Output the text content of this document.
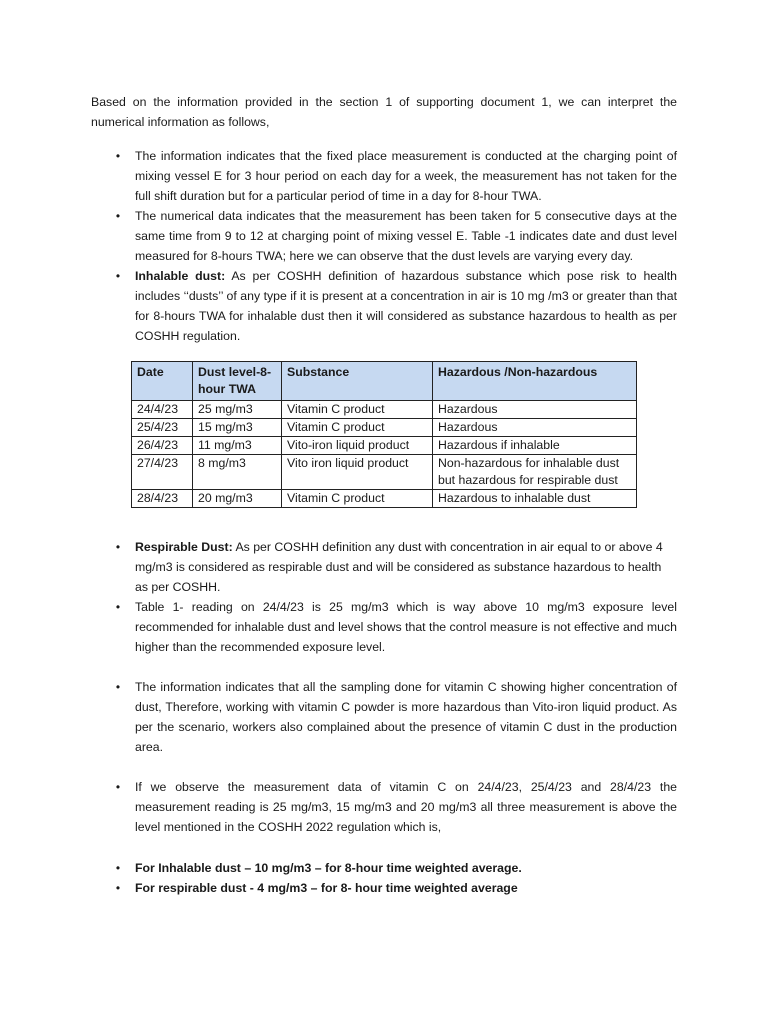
Based on the information provided in the section 1 of supporting document 1, we can interpret the numerical information as follows,

• The information indicates that the fixed place measurement is conducted at the charging point of mixing vessel E for 3 hour period on each day for a week, the measurement has not taken for the full shift duration but for a particular period of time in a day for 8-hour TWA.
• The numerical data indicates that the measurement has been taken for 5 consecutive days at the same time from 9 to 12 at charging point of mixing vessel E. Table -1 indicates date and dust level measured for 8-hours TWA; here we can observe that the dust levels are varying every day.
• Inhalable dust: As per COSHH definition of hazardous substance which pose risk to health includes ‘‘dusts’’ of any type if it is present at a concentration in air is 10 mg /m3 or greater than that for 8-hours TWA for inhalable dust then it will considered as substance hazardous to health as per COSHH regulation.
Date	Dust level-8-hour TWA	Substance	Hazardous /Non-hazardous
24/4/23	25 mg/m3	Vitamin C product	Hazardous
25/4/23	15 mg/m3	Vitamin C product	Hazardous
26/4/23	11 mg/m3	Vito-iron liquid product	Hazardous if inhalable
27/4/23	8 mg/m3	Vito iron liquid product	Non-hazardous for inhalable dust but hazardous for respirable dust
28/4/23	20 mg/m3	Vitamin C product	Hazardous to inhalable dust
• Respirable Dust: As per COSHH definition any dust with concentration in air equal to or above 4 mg/m3 is considered as respirable dust and will be considered as substance hazardous to health as per COSHH.
• Table 1- reading on 24/4/23 is 25 mg/m3 which is way above 10 mg/m3 exposure level recommended for inhalable dust and level shows that the control measure is not effective and much higher than the recommended exposure level.
• The information indicates that all the sampling done for vitamin C showing higher concentration of dust, Therefore, working with vitamin C powder is more hazardous than Vito-iron liquid product. As per the scenario, workers also complained about the presence of vitamin C dust in the production area.
• If we observe the measurement data of vitamin C on 24/4/23, 25/4/23 and 28/4/23 the measurement reading is 25 mg/m3, 15 mg/m3 and 20 mg/m3 all three measurement is above the level mentioned in the COSHH 2022 regulation which is,
• For Inhalable dust – 10 mg/m3 – for 8-hour time weighted average.
• For respirable dust - 4 mg/m3 – for 8- hour time weighted average
